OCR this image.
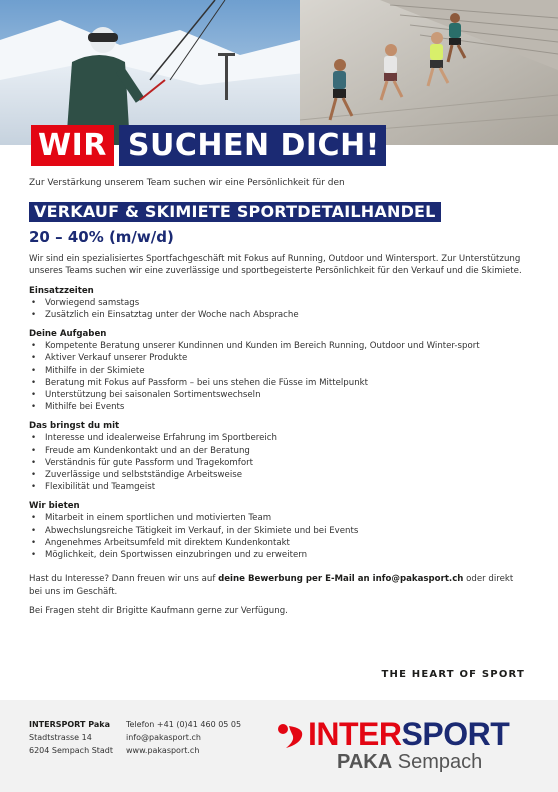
WIR SUCHEN DICH!

Zur Verstärkung unserem Team suchen wir eine Persönlichkeit für den

VERKAUF & SKIMIETE SPORTDETAILHANDEL
20 – 40% (m/w/d)

Wir sind ein spezialisiertes Sportfachgeschäft mit Fokus auf Running, Outdoor und Wintersport. Zur Unterstützung unseres Teams suchen wir eine zuverlässige und sportbegeisterte Persönlichkeit für den Verkauf und die Skimiete.

Einsatzzeiten
• Vorwiegend samstags
• Zusätzlich ein Einsatztag unter der Woche nach Absprache
Deine Aufgaben
• Kompetente Beratung unserer Kundinnen und Kunden im Bereich Running, Outdoor und Winter-sport
• Aktiver Verkauf unserer Produkte
• Mithilfe in der Skimiete
• Beratung mit Fokus auf Passform – bei uns stehen die Füsse im Mittelpunkt
• Unterstützung bei saisonalen Sortimentswechseln
• Mithilfe bei Events
Das bringst du mit
• Interesse und idealerweise Erfahrung im Sportbereich
• Freude am Kundenkontakt und an der Beratung
• Verständnis für gute Passform und Tragekomfort
• Zuverlässige und selbstständige Arbeitsweise
• Flexibilität und Teamgeist
Wir bieten
• Mitarbeit in einem sportlichen und motivierten Team
• Abwechslungsreiche Tätigkeit im Verkauf, in der Skimiete und bei Events
• Angenehmes Arbeitsumfeld mit direktem Kundenkontakt
• Möglichkeit, dein Sportwissen einzubringen und zu erweitern

Hast du Interesse? Dann freuen wir uns auf deine Bewerbung per E-Mail an info@pakasport.ch oder direkt bei uns im Geschäft.

Bei Fragen steht dir Brigitte Kaufmann gerne zur Verfügung.

THE HEART OF SPORT
INTERSPORT Paka
Stadtstrasse 14
6204 Sempach Stadt
Telefon +41 (0)41 460 05 05
info@pakasport.ch
www.pakasport.ch	INTERSPORT
PAKA Sempach
